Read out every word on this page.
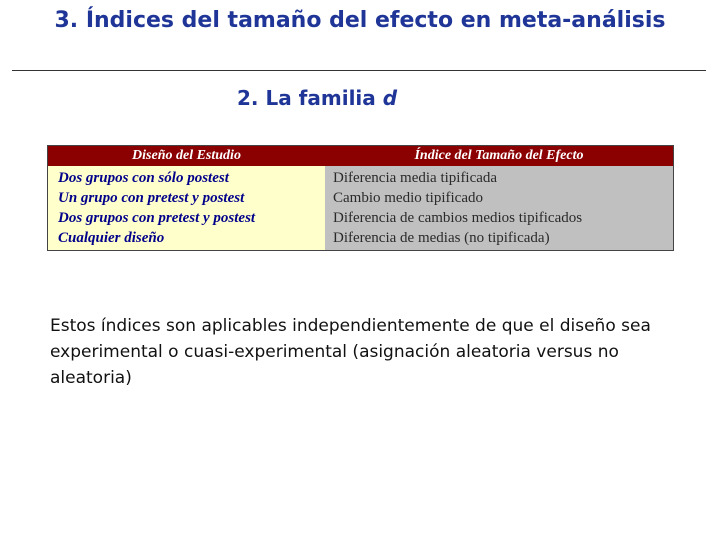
3. Índices del tamaño del efecto en meta-análisis
2. La familia d
Diseño del Estudio	Índice del Tamaño del Efecto
Dos grupos con sólo postest
Un grupo con pretest y postest
Dos grupos con pretest y postest
Cualquier diseño
Diferencia media tipificada
Cambio medio tipificado
Diferencia de cambios medios tipificados
Diferencia de medias (no tipificada)
Estos índices son aplicables independientemente de que el diseño sea experimental o cuasi-experimental (asignación aleatoria versus no aleatoria)
